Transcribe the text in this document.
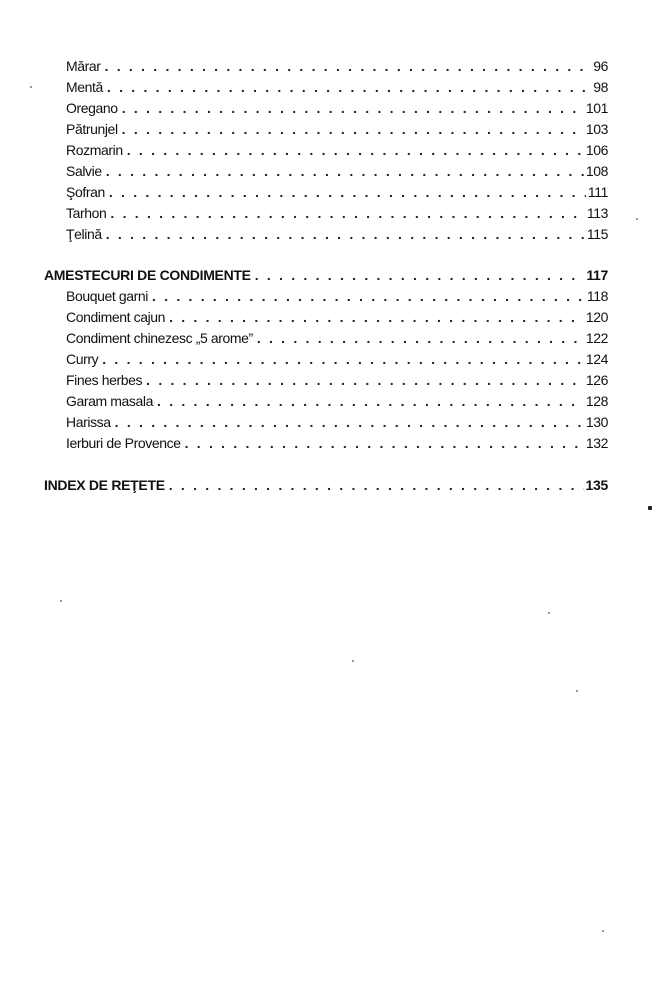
Mărar . . .	96
Mentă . . .	98
Oregano . . .	101
Pătrunjel . . .	103
Rozmarin . . .	106
Salvie . . .	108
Şofran . . .	111
Tarhon . . .	113
Ţelină . . .	115
AMESTECURI DE CONDIMENTE . . .	117
Bouquet garni . . .	118
Condiment cajun . . .	120
Condiment chinezesc „5 arome” . . .	122
Curry . . .	124
Fines herbes . . .	126
Garam masala . . .	128
Harissa . . .	130
Ierburi de Provence . . .	132
INDEX DE REŢETE . . .	135
